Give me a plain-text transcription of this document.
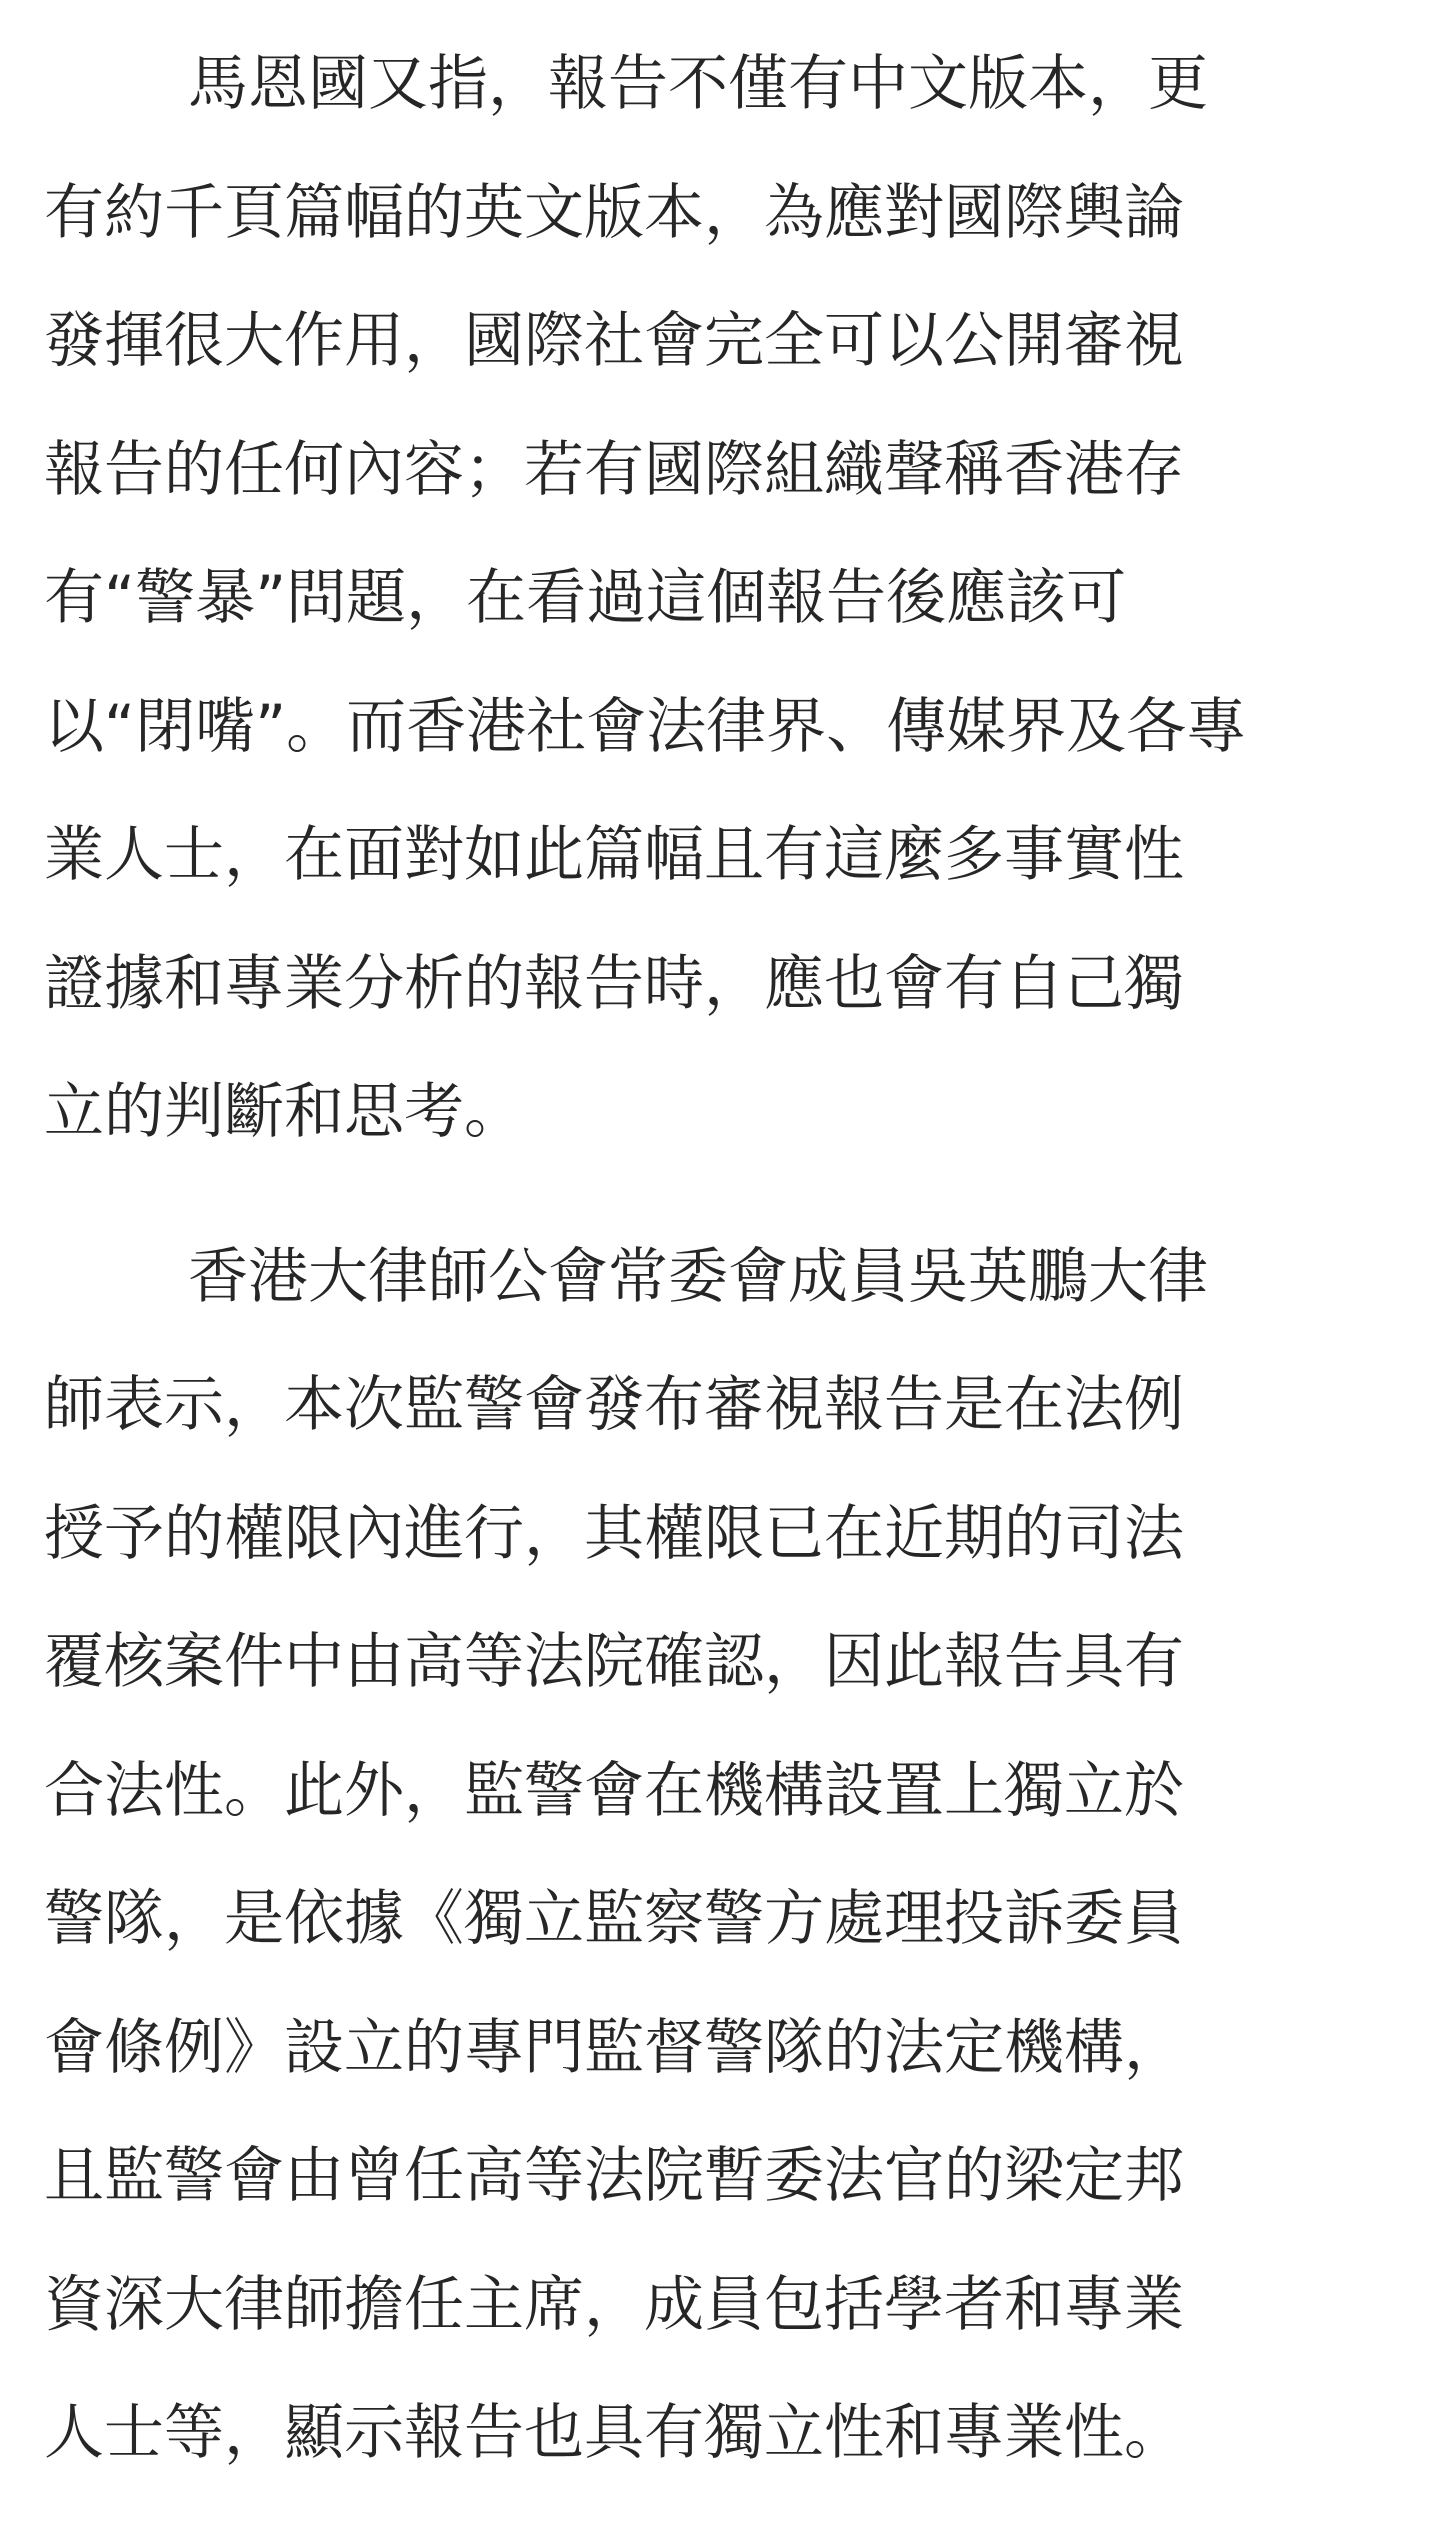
馬恩國又指，報告不僅有中文版本，更
有約千頁篇幅的英文版本，為應對國際輿論
發揮很大作用，國際社會完全可以公開審視
報告的任何內容；若有國際組織聲稱香港存
有“警暴”問題，在看過這個報告後應該可
以“閉嘴”。而香港社會法律界、傳媒界及各專
業人士，在面對如此篇幅且有這麼多事實性
證據和專業分析的報告時，應也會有自己獨
立的判斷和思考。

香港大律師公會常委會成員吳英鵬大律
師表示，本次監警會發布審視報告是在法例
授予的權限內進行，其權限已在近期的司法
覆核案件中由高等法院確認，因此報告具有
合法性。此外，監警會在機構設置上獨立於
警隊，是依據《獨立監察警方處理投訴委員
會條例》設立的專門監督警隊的法定機構，
且監警會由曾任高等法院暫委法官的梁定邦
資深大律師擔任主席，成員包括學者和專業
人士等，顯示報告也具有獨立性和專業性。
